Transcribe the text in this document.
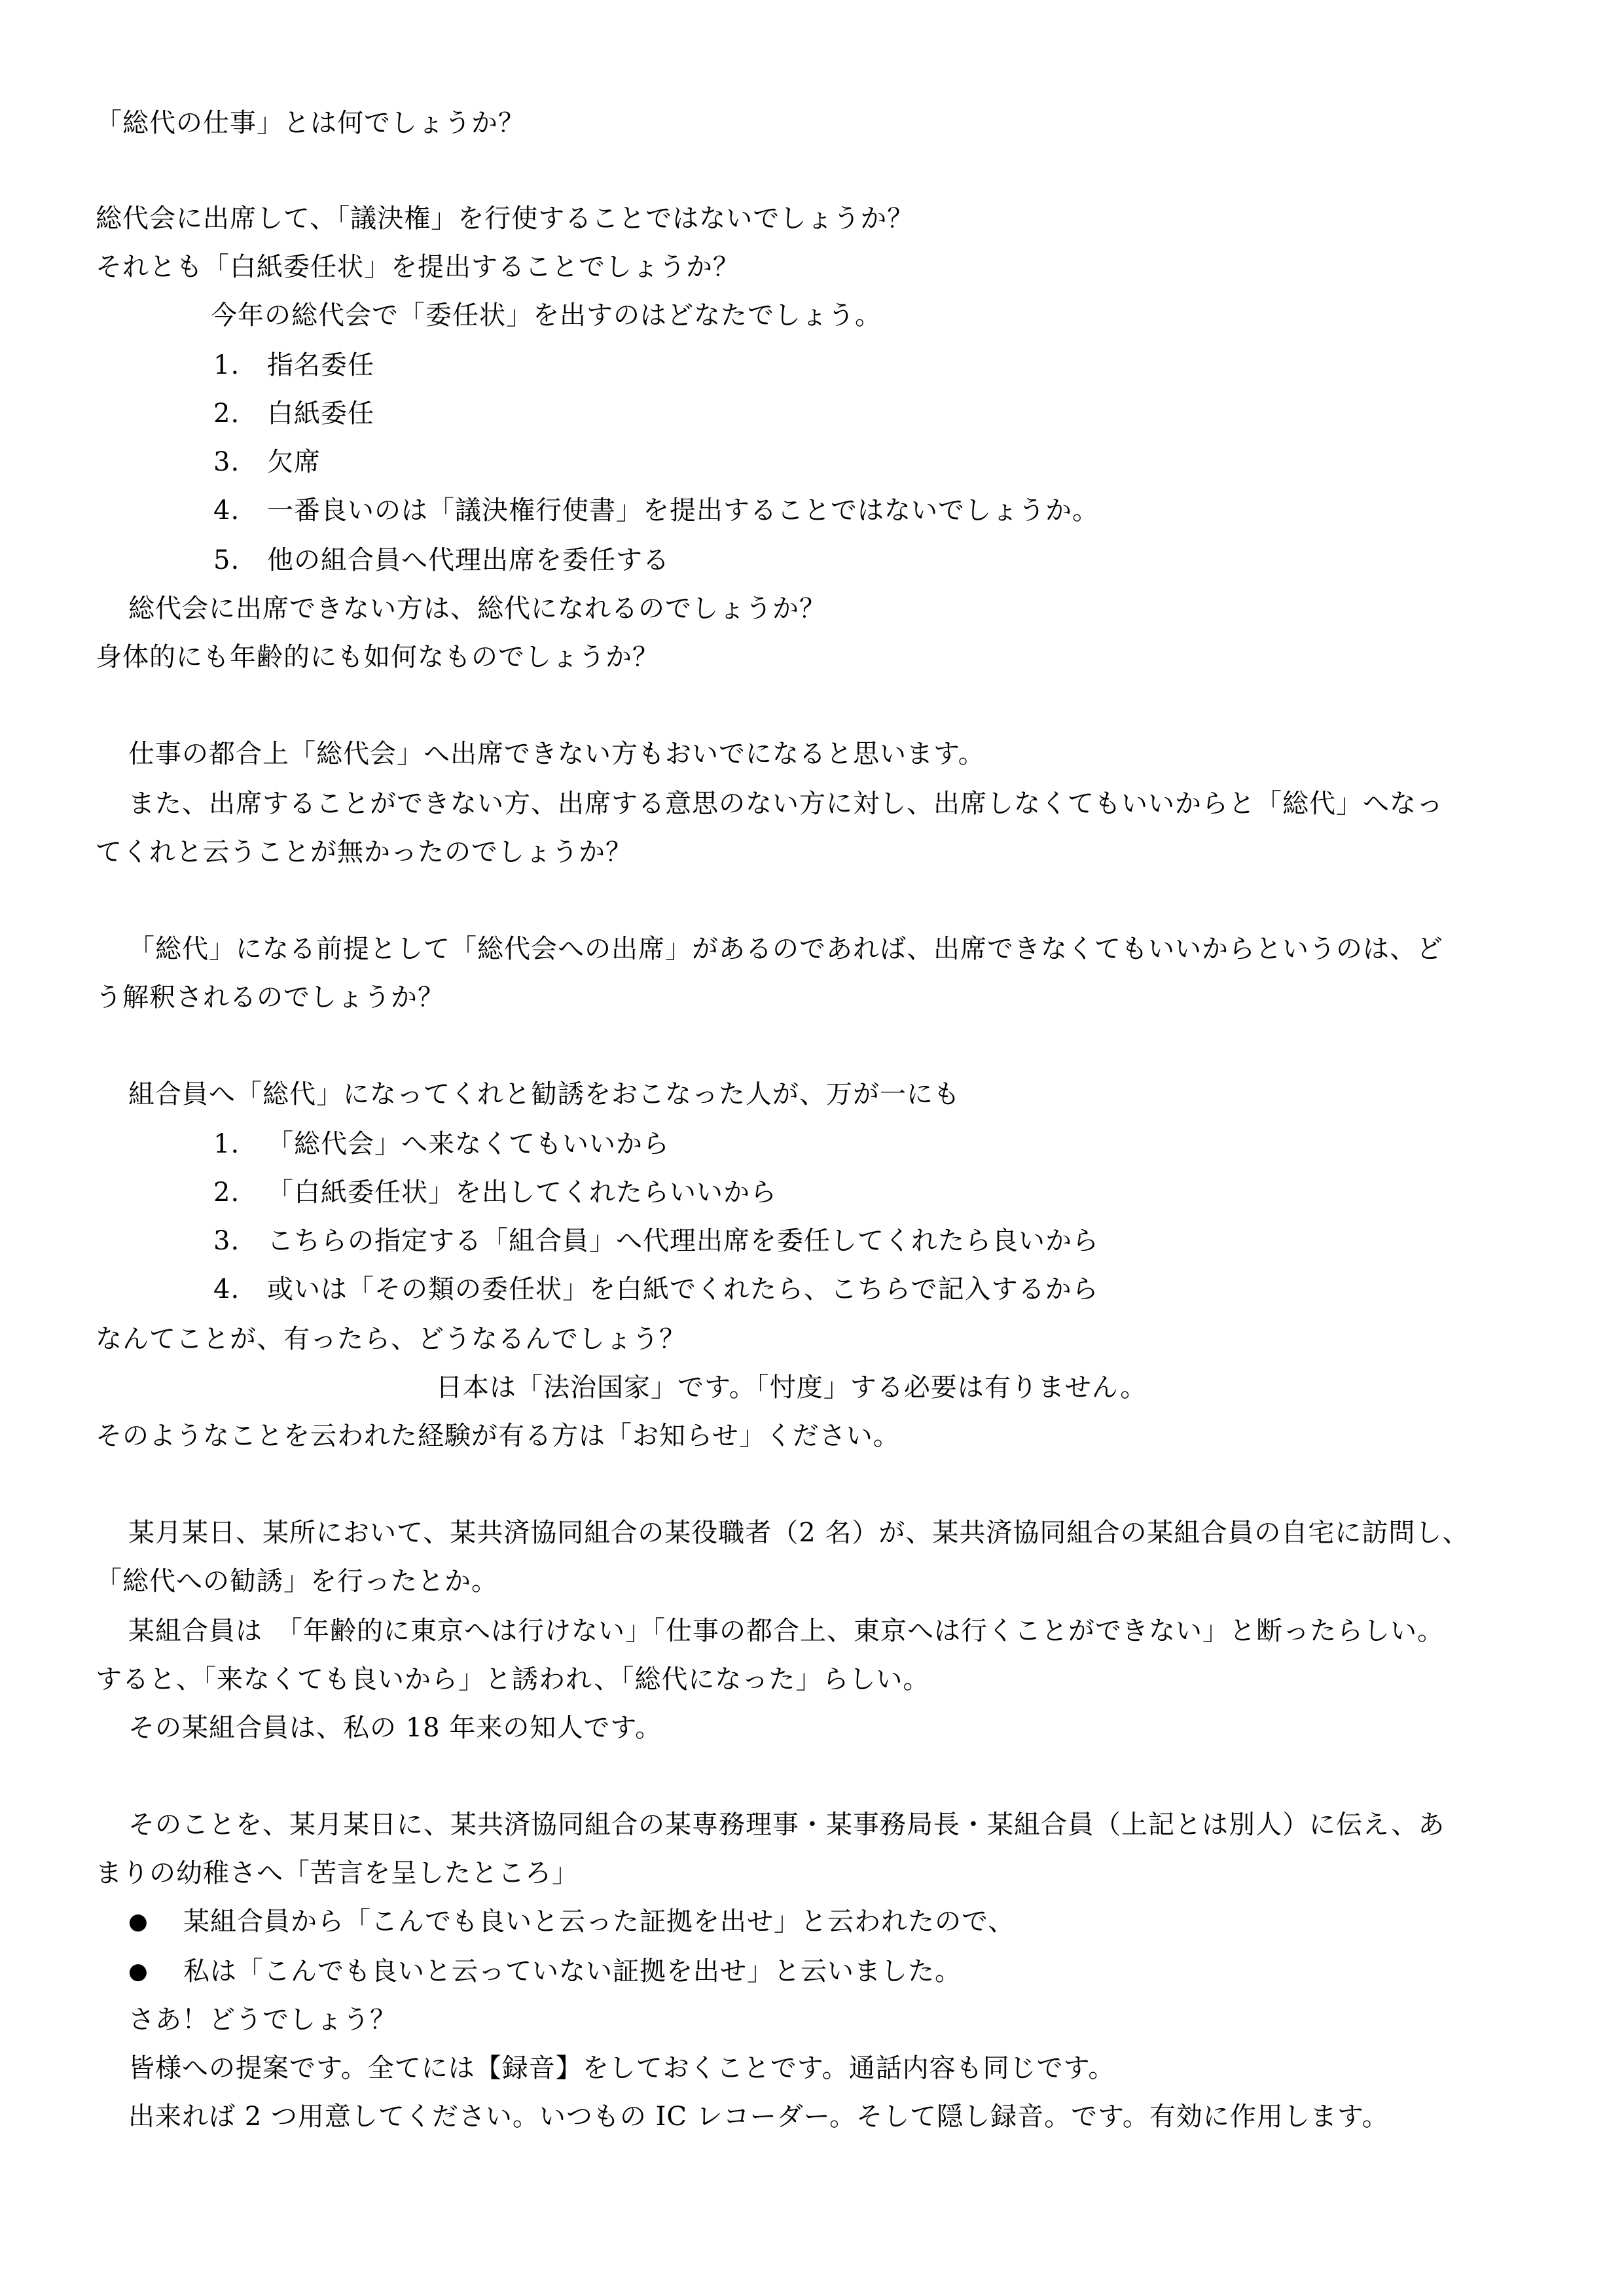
「総代の仕事」とは何でしょうか？
総代会に出席して、「議決権」を行使することではないでしょうか？
それとも「白紙委任状」を提出することでしょうか？
今年の総代会で「委任状」を出すのはどなたでしょう。
1. 指名委任
2. 白紙委任
3. 欠席
4. 一番良いのは「議決権行使書」を提出することではないでしょうか。
5. 他の組合員へ代理出席を委任する
総代会に出席できない方は、総代になれるのでしょうか？
身体的にも年齢的にも如何なものでしょうか？
仕事の都合上「総代会」へ出席できない方もおいでになると思います。
また、出席することができない方、出席する意思のない方に対し、出席しなくてもいいからと「総代」へなっ
てくれと云うことが無かったのでしょうか？
「総代」になる前提として「総代会への出席」があるのであれば、出席できなくてもいいからというのは、ど
う解釈されるのでしょうか？
組合員へ「総代」になってくれと勧誘をおこなった人が、万が一にも
1. 「総代会」へ来なくてもいいから
2. 「白紙委任状」を出してくれたらいいから
3. こちらの指定する「組合員」へ代理出席を委任してくれたら良いから
4. 或いは「その類の委任状」を白紙でくれたら、こちらで記入するから
なんてことが、有ったら、どうなるんでしょう？
日本は「法治国家」です。「忖度」する必要は有りません。
そのようなことを云われた経験が有る方は「お知らせ」ください。
某月某日、某所において、某共済協同組合の某役職者（2 名）が、某共済協同組合の某組合員の自宅に訪問し、
「総代への勧誘」を行ったとか。
某組合員は　「年齢的に東京へは行けない」「仕事の都合上、東京へは行くことができない」と断ったらしい。
すると、「来なくても良いから」と誘われ、「総代になった」らしい。
その某組合員は、私の 18 年来の知人です。
そのことを、某月某日に、某共済協同組合の某専務理事・某事務局長・某組合員（上記とは別人）に伝え、あ
まりの幼稚さへ「苦言を呈したところ」
● 某組合員から「こんでも良いと云った証拠を出せ」と云われたので、
● 私は「こんでも良いと云っていない証拠を出せ」と云いました。
さあ！どうでしょう？
皆様への提案です。全てには【録音】をしておくことです。通話内容も同じです。
出来れば 2 つ用意してください。いつもの IC レコーダー。そして隠し録音。です。有効に作用します。
